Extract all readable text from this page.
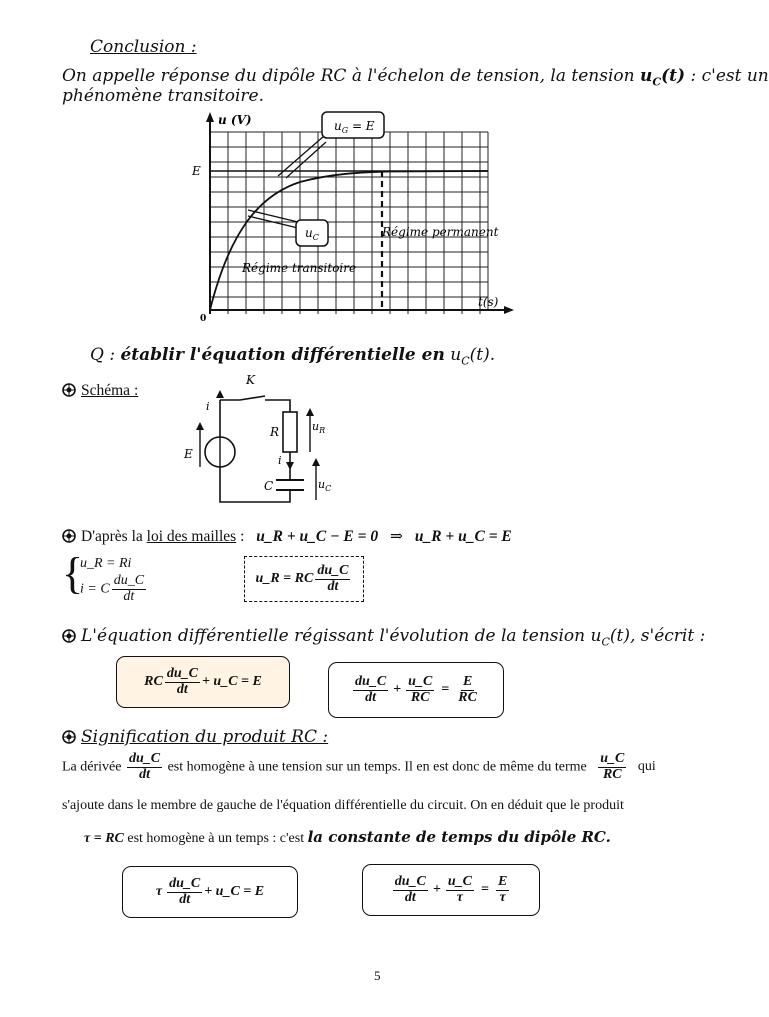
Conclusion :
On appelle réponse du dipôle RC à l'échelon de tension, la tension $u_C(t)$ : c'est un
phénomène transitoire.
$u_G = E$
$u_C$
u (V)
E
0
t(s)
Régime permanent
Régime transitoire
Q : établir l'équation différentielle en $u_C(t)$.
Schéma :
K
R
C
E
i
i
$u_R$
$u_C$
D'après la loi des mailles : u_R + u_C − E = 0 ⇒ u_R + u_C = E
{
u_R = Ri
i = C $\frac{du\_C}{dt}$	u_R = RC $\frac{du\_C}{dt}$
L'équation différentielle régissant l'évolution de la tension $u_C(t)$, s'écrit :
RC $\frac{du\_C}{dt}$ + u_C = E	$\frac{du\_C}{dt} + \frac{u\_C}{RC} = \frac{E}{RC}$
Signification du produit RC :
La dérivée $\frac{du\_C}{dt}$ est homogène à une tension sur un temps. Il en est donc de même du terme $\frac{u\_C}{RC}$ qui
s'ajoute dans le membre de gauche de l'équation différentielle du circuit. On en déduit que le produit
τ = RC est homogène à un temps : c'est la constante de temps du dipôle RC.
τ $\frac{du\_C}{dt}$ + u_C = E	$\frac{du\_C}{dt} + \frac{u\_C}{\tau} = \frac{E}{\tau}$
5
